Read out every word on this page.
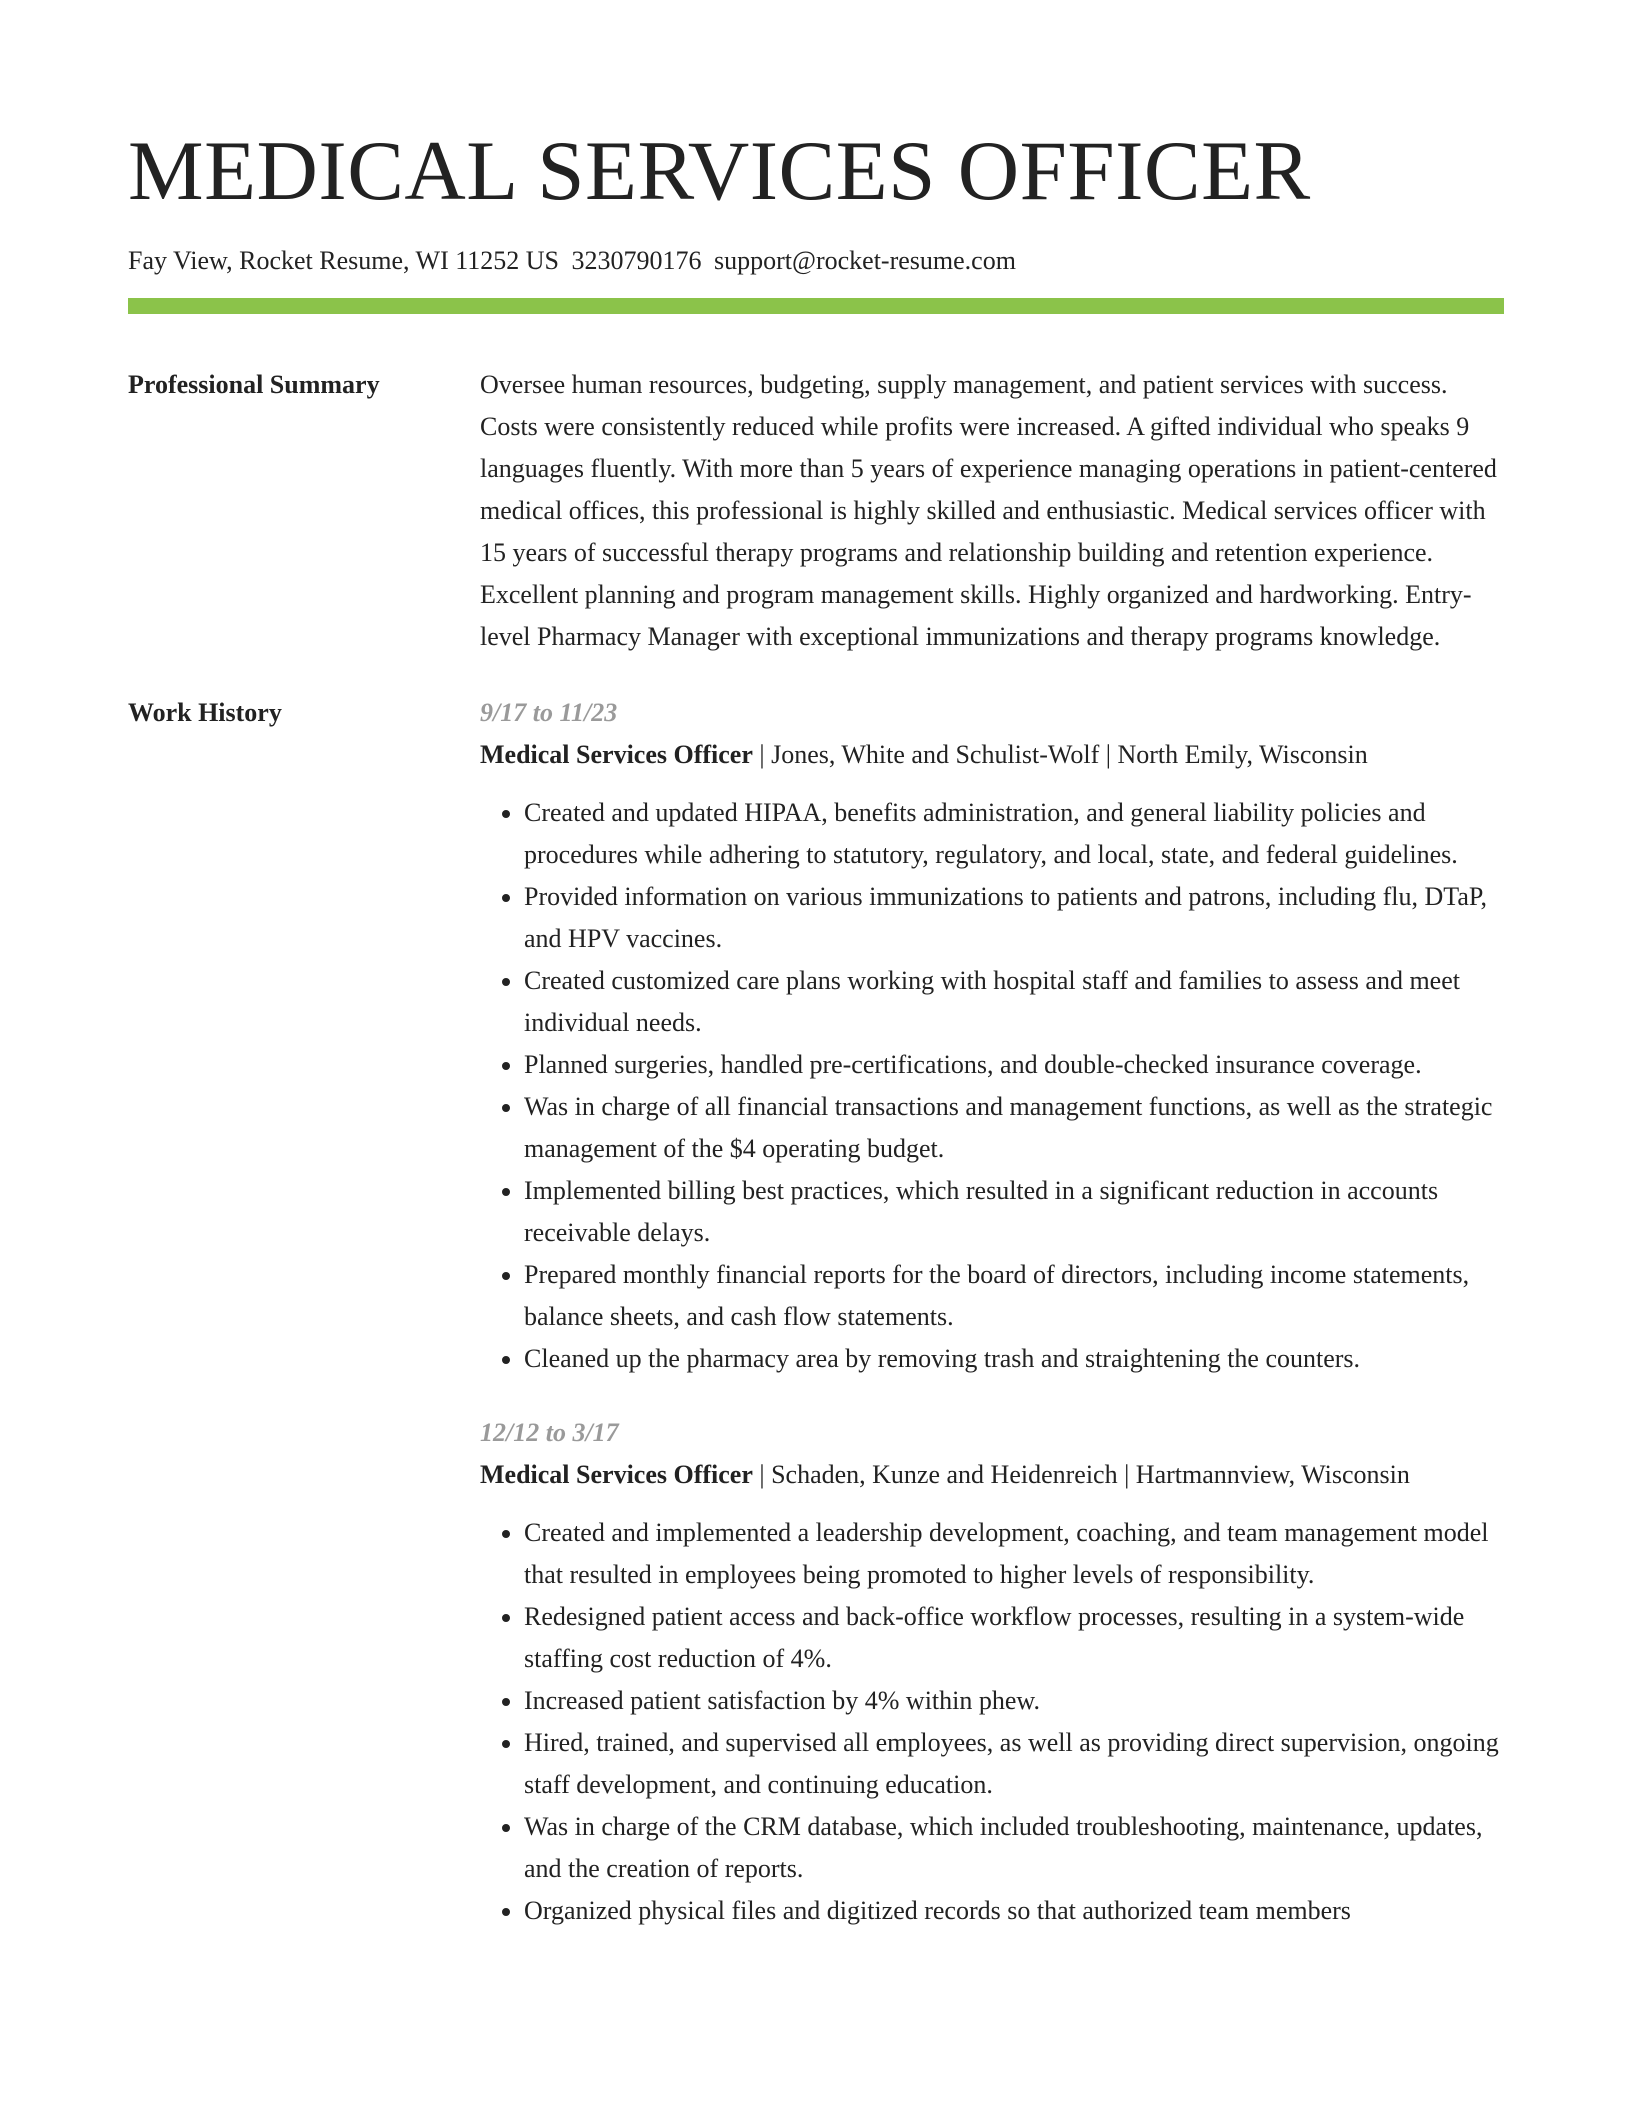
MEDICAL SERVICES OFFICER
Fay View, Rocket Resume, WI 11252 US 3230790176 support@rocket-resume.com
Professional Summary	Oversee human resources, budgeting, supply management, and patient services with success. Costs were consistently reduced while profits were increased. A gifted individual who speaks 9 languages fluently. With more than 5 years of experience managing operations in patient-centered medical offices, this professional is highly skilled and enthusiastic. Medical services officer with 15 years of successful therapy programs and relationship building and retention experience. Excellent planning and program management skills. Highly organized and hardworking. Entry-level Pharmacy Manager with exceptional immunizations and therapy programs knowledge.

Work History	9/17 to 11/23
Medical Services Officer | Jones, White and Schulist-Wolf | North Emily, Wisconsin
• Created and updated HIPAA, benefits administration, and general liability policies and procedures while adhering to statutory, regulatory, and local, state, and federal guidelines.
• Provided information on various immunizations to patients and patrons, including flu, DTaP, and HPV vaccines.
• Created customized care plans working with hospital staff and families to assess and meet individual needs.
• Planned surgeries, handled pre-certifications, and double-checked insurance coverage.
• Was in charge of all financial transactions and management functions, as well as the strategic management of the $4 operating budget.
• Implemented billing best practices, which resulted in a significant reduction in accounts receivable delays.
• Prepared monthly financial reports for the board of directors, including income statements, balance sheets, and cash flow statements.
• Cleaned up the pharmacy area by removing trash and straightening the counters.
12/12 to 3/17
Medical Services Officer | Schaden, Kunze and Heidenreich | Hartmannview, Wisconsin
• Created and implemented a leadership development, coaching, and team management model that resulted in employees being promoted to higher levels of responsibility.
• Redesigned patient access and back-office workflow processes, resulting in a system-wide staffing cost reduction of 4%.
• Increased patient satisfaction by 4% within phew.
• Hired, trained, and supervised all employees, as well as providing direct supervision, ongoing staff development, and continuing education.
• Was in charge of the CRM database, which included troubleshooting, maintenance, updates, and the creation of reports.
• Organized physical files and digitized records so that authorized team members
